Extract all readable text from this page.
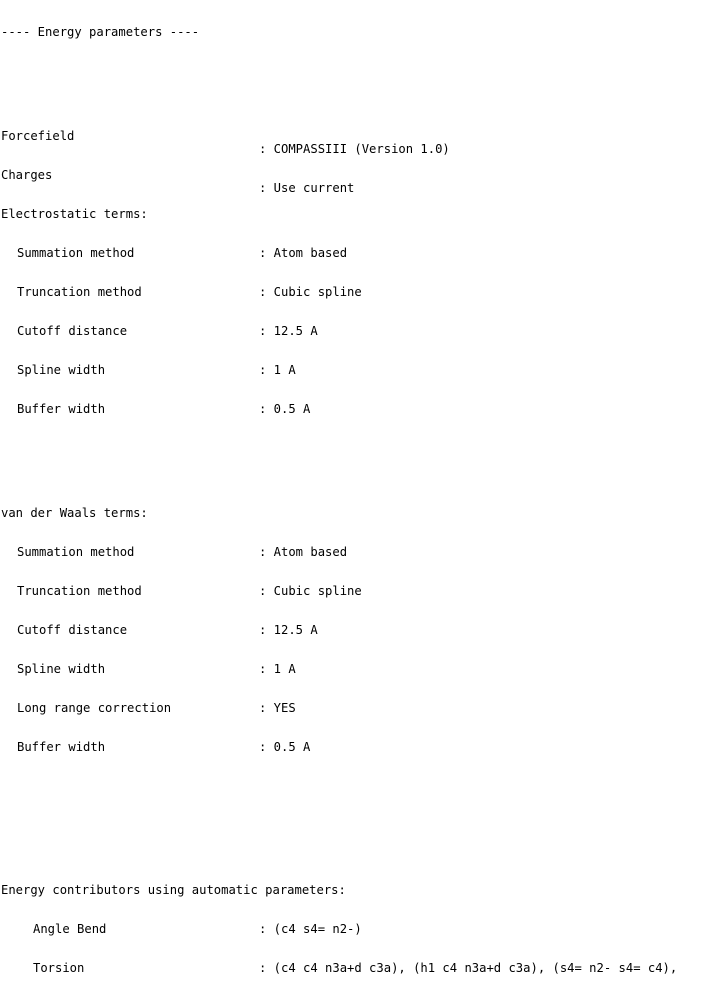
---- Energy parameters ----

Forcefield

: COMPASSIII (Version 1.0)

Charges

: Use current

Electrostatic terms:

Summation method	: Atom based

Truncation method	: Cubic spline

Cutoff distance	: 12.5 A

Spline width	: 1 A

Buffer width	: 0.5 A

van der Waals terms:

Summation method	: Atom based

Truncation method	: Cubic spline

Cutoff distance	: 12.5 A

Spline width	: 1 A

Long range correction	: YES

Buffer width	: 0.5 A

Energy contributors using automatic parameters:

Angle Bend	: (c4 s4= n2-)

Torsion	: (c4 c4 n3a+d c3a), (h1 c4 n3a+d c3a), (s4= n2- s4= c4),
